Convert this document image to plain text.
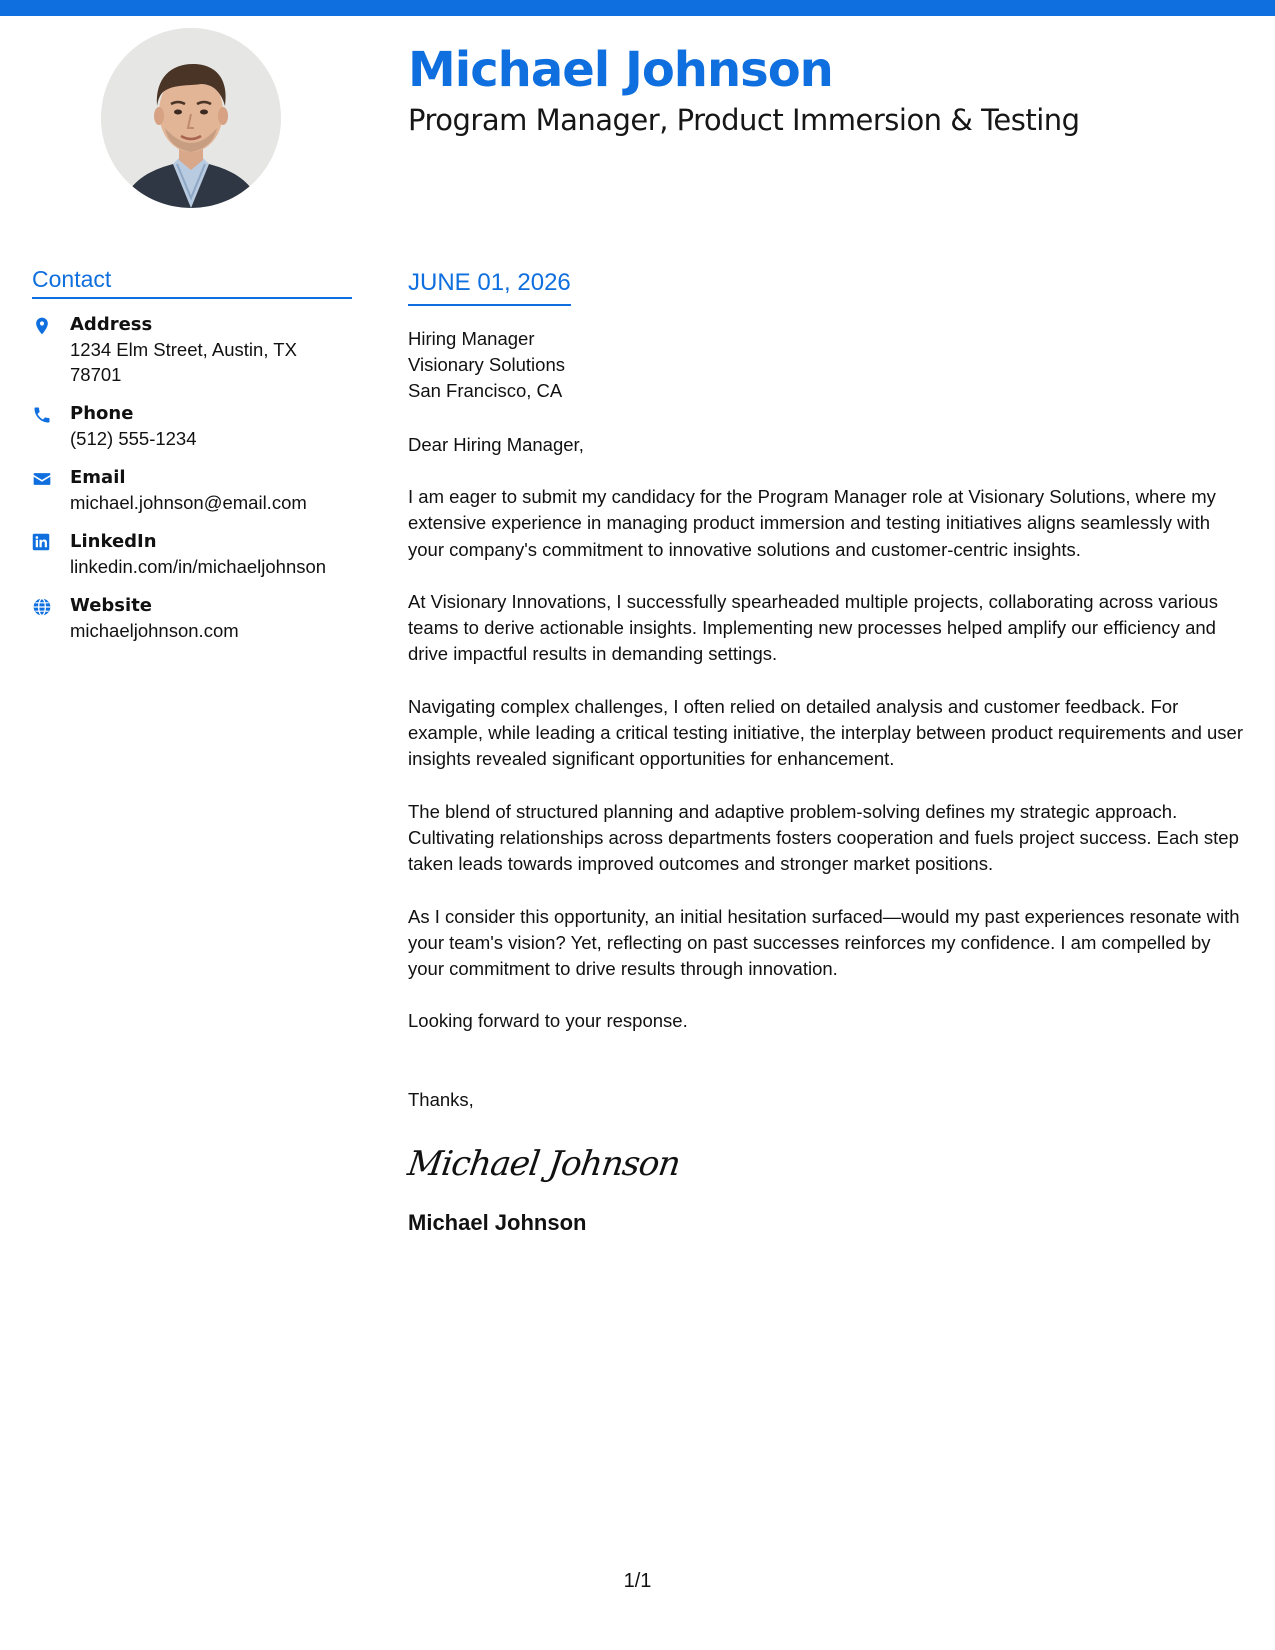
Michael Johnson
Program Manager, Product Immersion & Testing
Contact
Address
1234 Elm Street, Austin, TX 78701
Phone
(512) 555-1234
Email
michael.johnson@email.com
LinkedIn
linkedin.com/in/michaeljohnson
Website
michaeljohnson.com
JUNE 01, 2026
Hiring Manager
Visionary Solutions
San Francisco, CA
Dear Hiring Manager,
I am eager to submit my candidacy for the Program Manager role at Visionary Solutions, where my extensive experience in managing product immersion and testing initiatives aligns seamlessly with your company's commitment to innovative solutions and customer-centric insights.
At Visionary Innovations, I successfully spearheaded multiple projects, collaborating across various teams to derive actionable insights. Implementing new processes helped amplify our efficiency and drive impactful results in demanding settings.
Navigating complex challenges, I often relied on detailed analysis and customer feedback. For example, while leading a critical testing initiative, the interplay between product requirements and user insights revealed significant opportunities for enhancement.
The blend of structured planning and adaptive problem-solving defines my strategic approach. Cultivating relationships across departments fosters cooperation and fuels project success. Each step taken leads towards improved outcomes and stronger market positions.
As I consider this opportunity, an initial hesitation surfaced—would my past experiences resonate with your team's vision? Yet, reflecting on past successes reinforces my confidence. I am compelled by your commitment to drive results through innovation.
Looking forward to your response.
Thanks,
Michael Johnson
Michael Johnson
1/1
